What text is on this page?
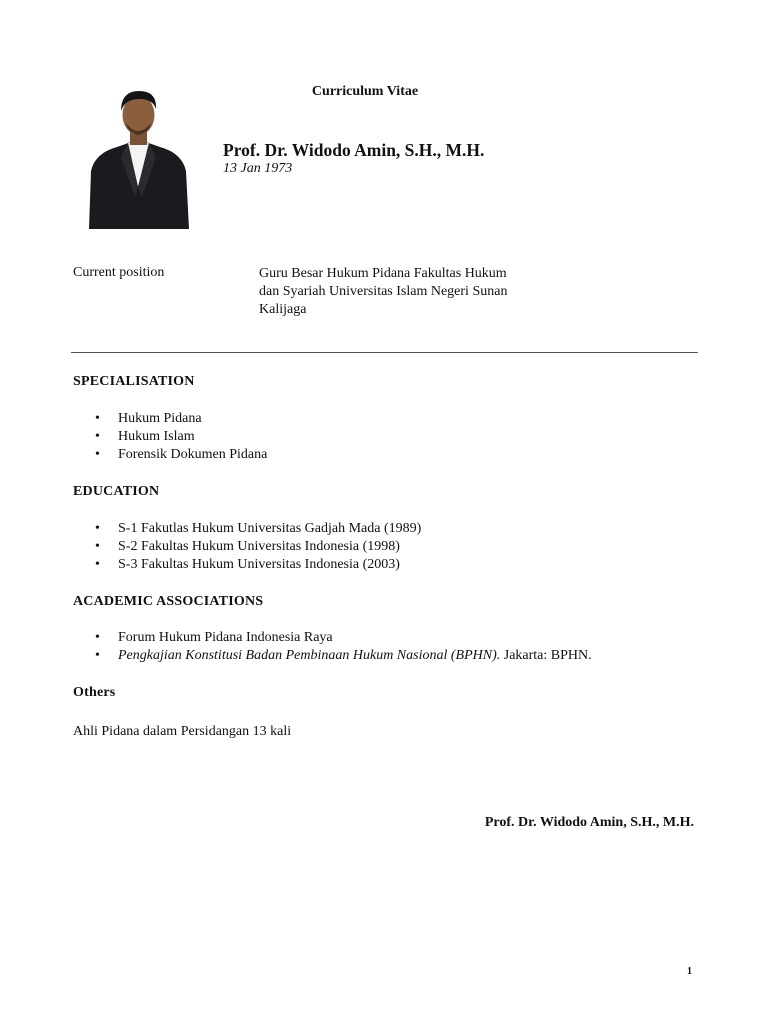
Curriculum Vitae
Prof. Dr. Widodo Amin, S.H., M.H.
13 Jan 1973
Current position	Guru Besar Hukum Pidana Fakultas Hukum
dan Syariah Universitas Islam Negeri Sunan
Kalijaga
SPECIALISATION
• Hukum Pidana
• Hukum Islam
• Forensik Dokumen Pidana
EDUCATION
• S-1 Fakutlas Hukum Universitas Gadjah Mada (1989)
• S-2 Fakultas Hukum Universitas Indonesia (1998)
• S-3 Fakultas Hukum Universitas Indonesia (2003)
ACADEMIC ASSOCIATIONS
• Forum Hukum Pidana Indonesia Raya
• Pengkajian Konstitusi Badan Pembinaan Hukum Nasional (BPHN). Jakarta: BPHN.
Others
Ahli Pidana dalam Persidangan 13 kali
Prof. Dr. Widodo Amin, S.H., M.H.
1
